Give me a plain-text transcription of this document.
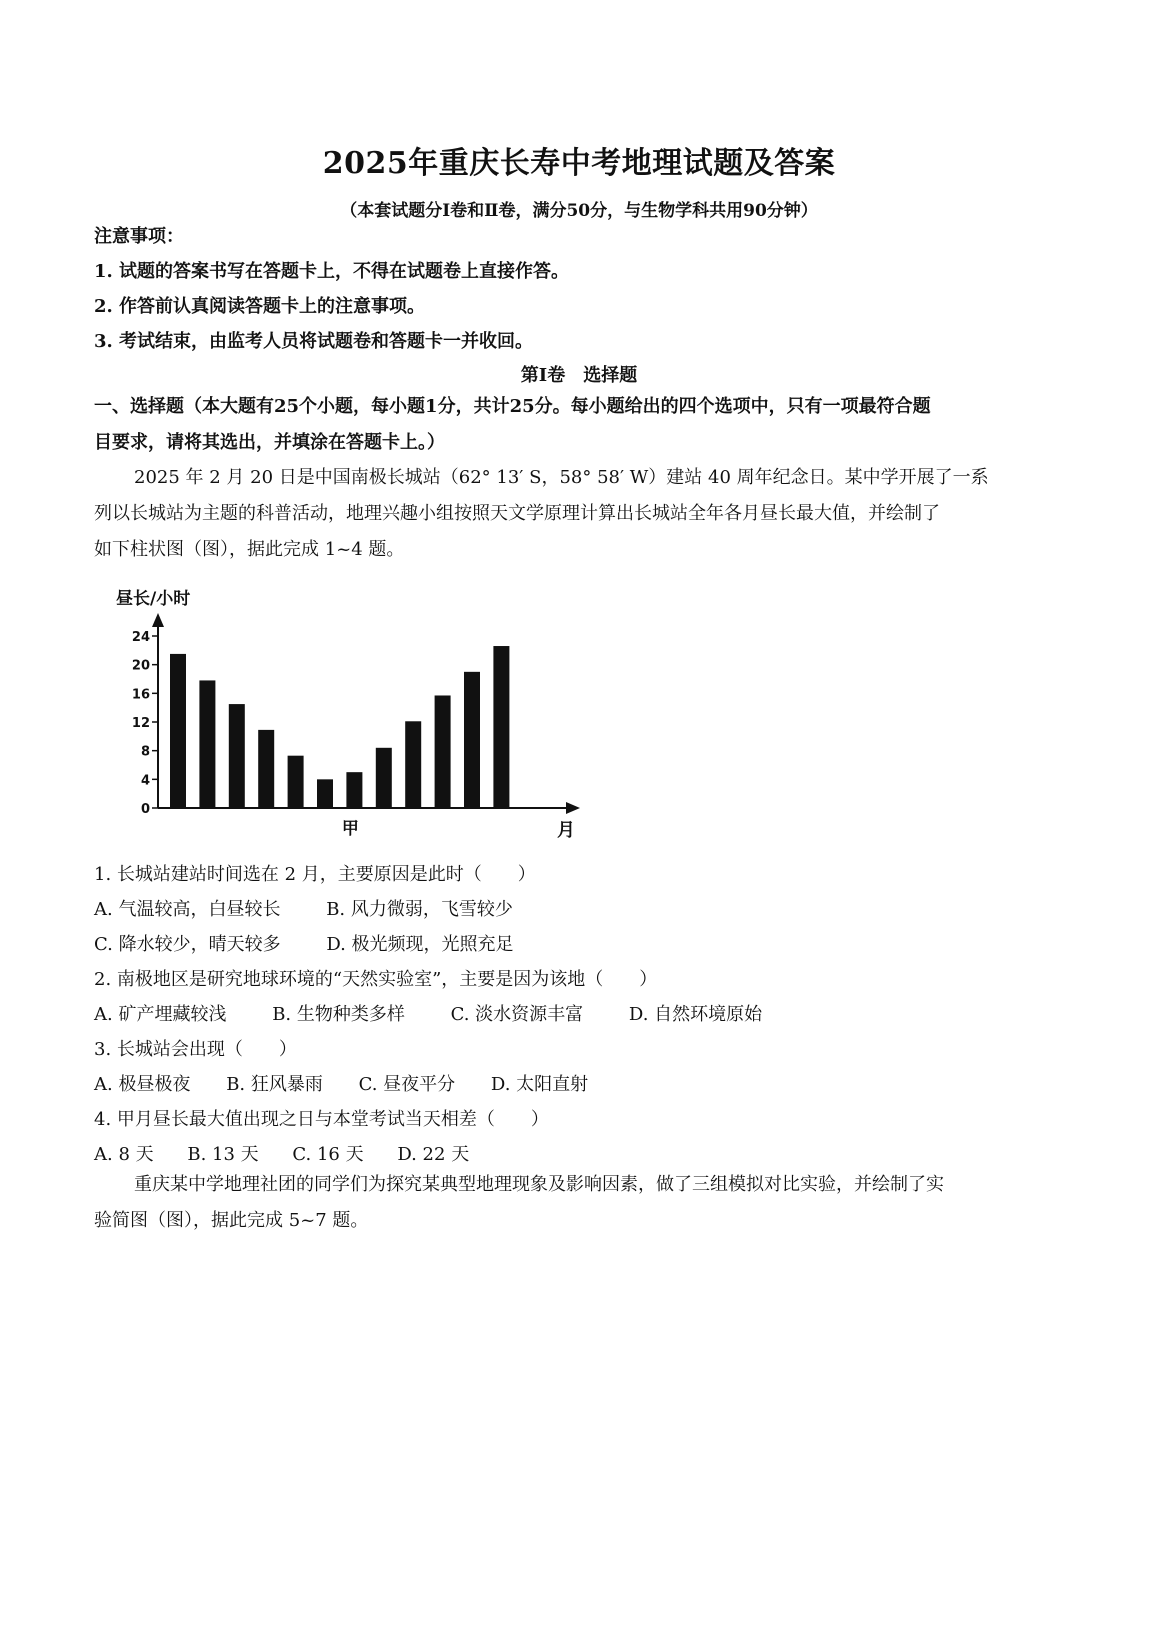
2025年重庆长寿中考地理试题及答案
（本套试题分Ⅰ卷和Ⅱ卷，满分50分，与生物学科共用90分钟）
注意事项：
1. 试题的答案书写在答题卡上，不得在试题卷上直接作答。
2. 作答前认真阅读答题卡上的注意事项。
3. 考试结束，由监考人员将试题卷和答题卡一并收回。
第Ⅰ卷　选择题
一、选择题（本大题有25个小题，每小题1分，共计25分。每小题给出的四个选项中，只有一项最符合题
目要求，请将其选出，并填涂在答题卡上。）
2025 年 2 月 20 日是中国南极长城站（62° 13′ S，58° 58′ W）建站 40 周年纪念日。某中学开展了一系
列以长城站为主题的科普活动，地理兴趣小组按照天文学原理计算出长城站全年各月昼长最大值，并绘制了
如下柱状图（图），据此完成 1~4 题。
昼长/小时
0
4
8
12
16
20
24
甲	月
1. 长城站建站时间选在 2 月，主要原因是此时（　　）
A. 气温较高，白昼较长	B. 风力微弱，飞雪较少
C. 降水较少，晴天较多	D. 极光频现，光照充足
2. 南极地区是研究地球环境的“天然实验室”，主要是因为该地（　　）
A. 矿产埋藏较浅	B. 生物种类多样	C. 淡水资源丰富	D. 自然环境原始
3. 长城站会出现（　　）
A. 极昼极夜 B. 狂风暴雨 C. 昼夜平分 D. 太阳直射
4. 甲月昼长最大值出现之日与本堂考试当天相差（　　）
A. 8 天 B. 13 天 C. 16 天 D. 22 天
重庆某中学地理社团的同学们为探究某典型地理现象及影响因素，做了三组模拟对比实验，并绘制了实
验简图（图），据此完成 5~7 题。
